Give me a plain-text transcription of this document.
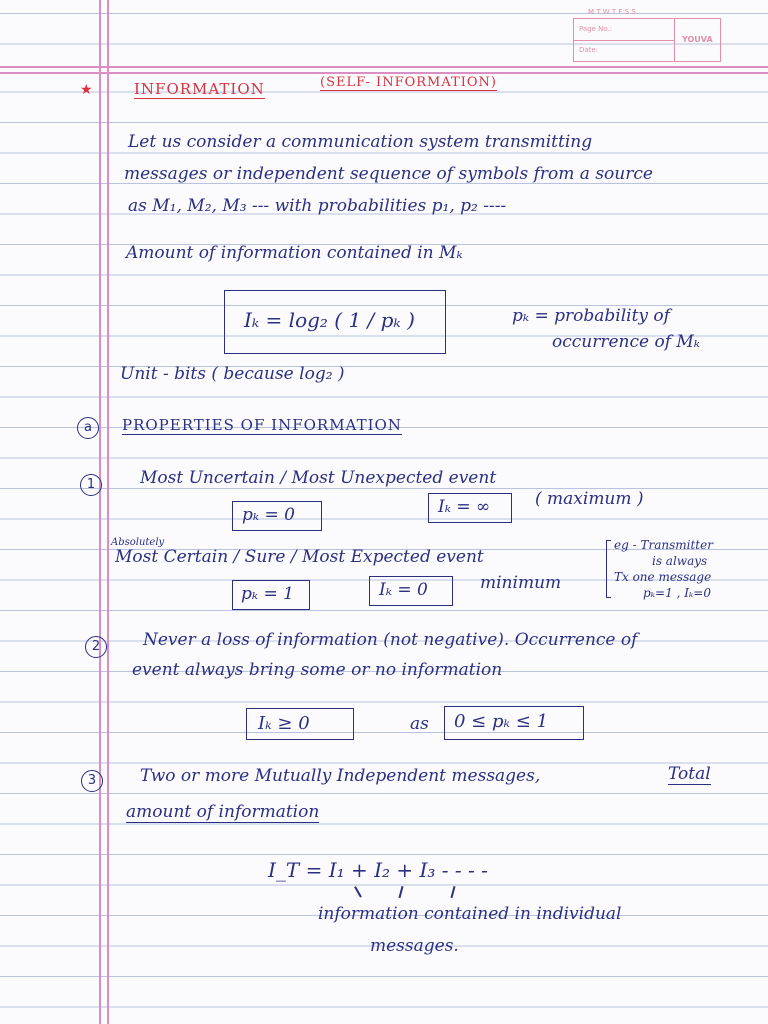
M T W T F S S
Page No.:
Date:
YOUVA
★	INFORMATION	(SELF- INFORMATION)
Let us consider a communication system transmitting
messages or independent sequence of symbols from a source
as M₁, M₂, M₃ --- with probabilities p₁, p₂ ----
Amount of information contained in Mₖ
Iₖ = log₂ ( 1 / pₖ )	pₖ = probability of
occurrence of Mₖ
Unit - bits ( because log₂ )
a	PROPERTIES OF INFORMATION
1	Most Uncertain / Most Unexpected event
pₖ = 0	Iₖ = ∞	( maximum )
Absolutely
Most Certain / Sure / Most Expected event
pₖ = 1	Iₖ = 0	minimum
eg - Transmitter
is always
Tx one message
pₖ=1 , Iₖ=0
2	Never a loss of information (not negative). Occurrence of
event always bring some or no information
Iₖ ≥ 0	as 0 ≤ pₖ ≤ 1
3	Two or more Mutually Independent messages,	Total
amount of information
I_T = I₁ + I₂ + I₃ - - - -
information contained in individual
messages.
